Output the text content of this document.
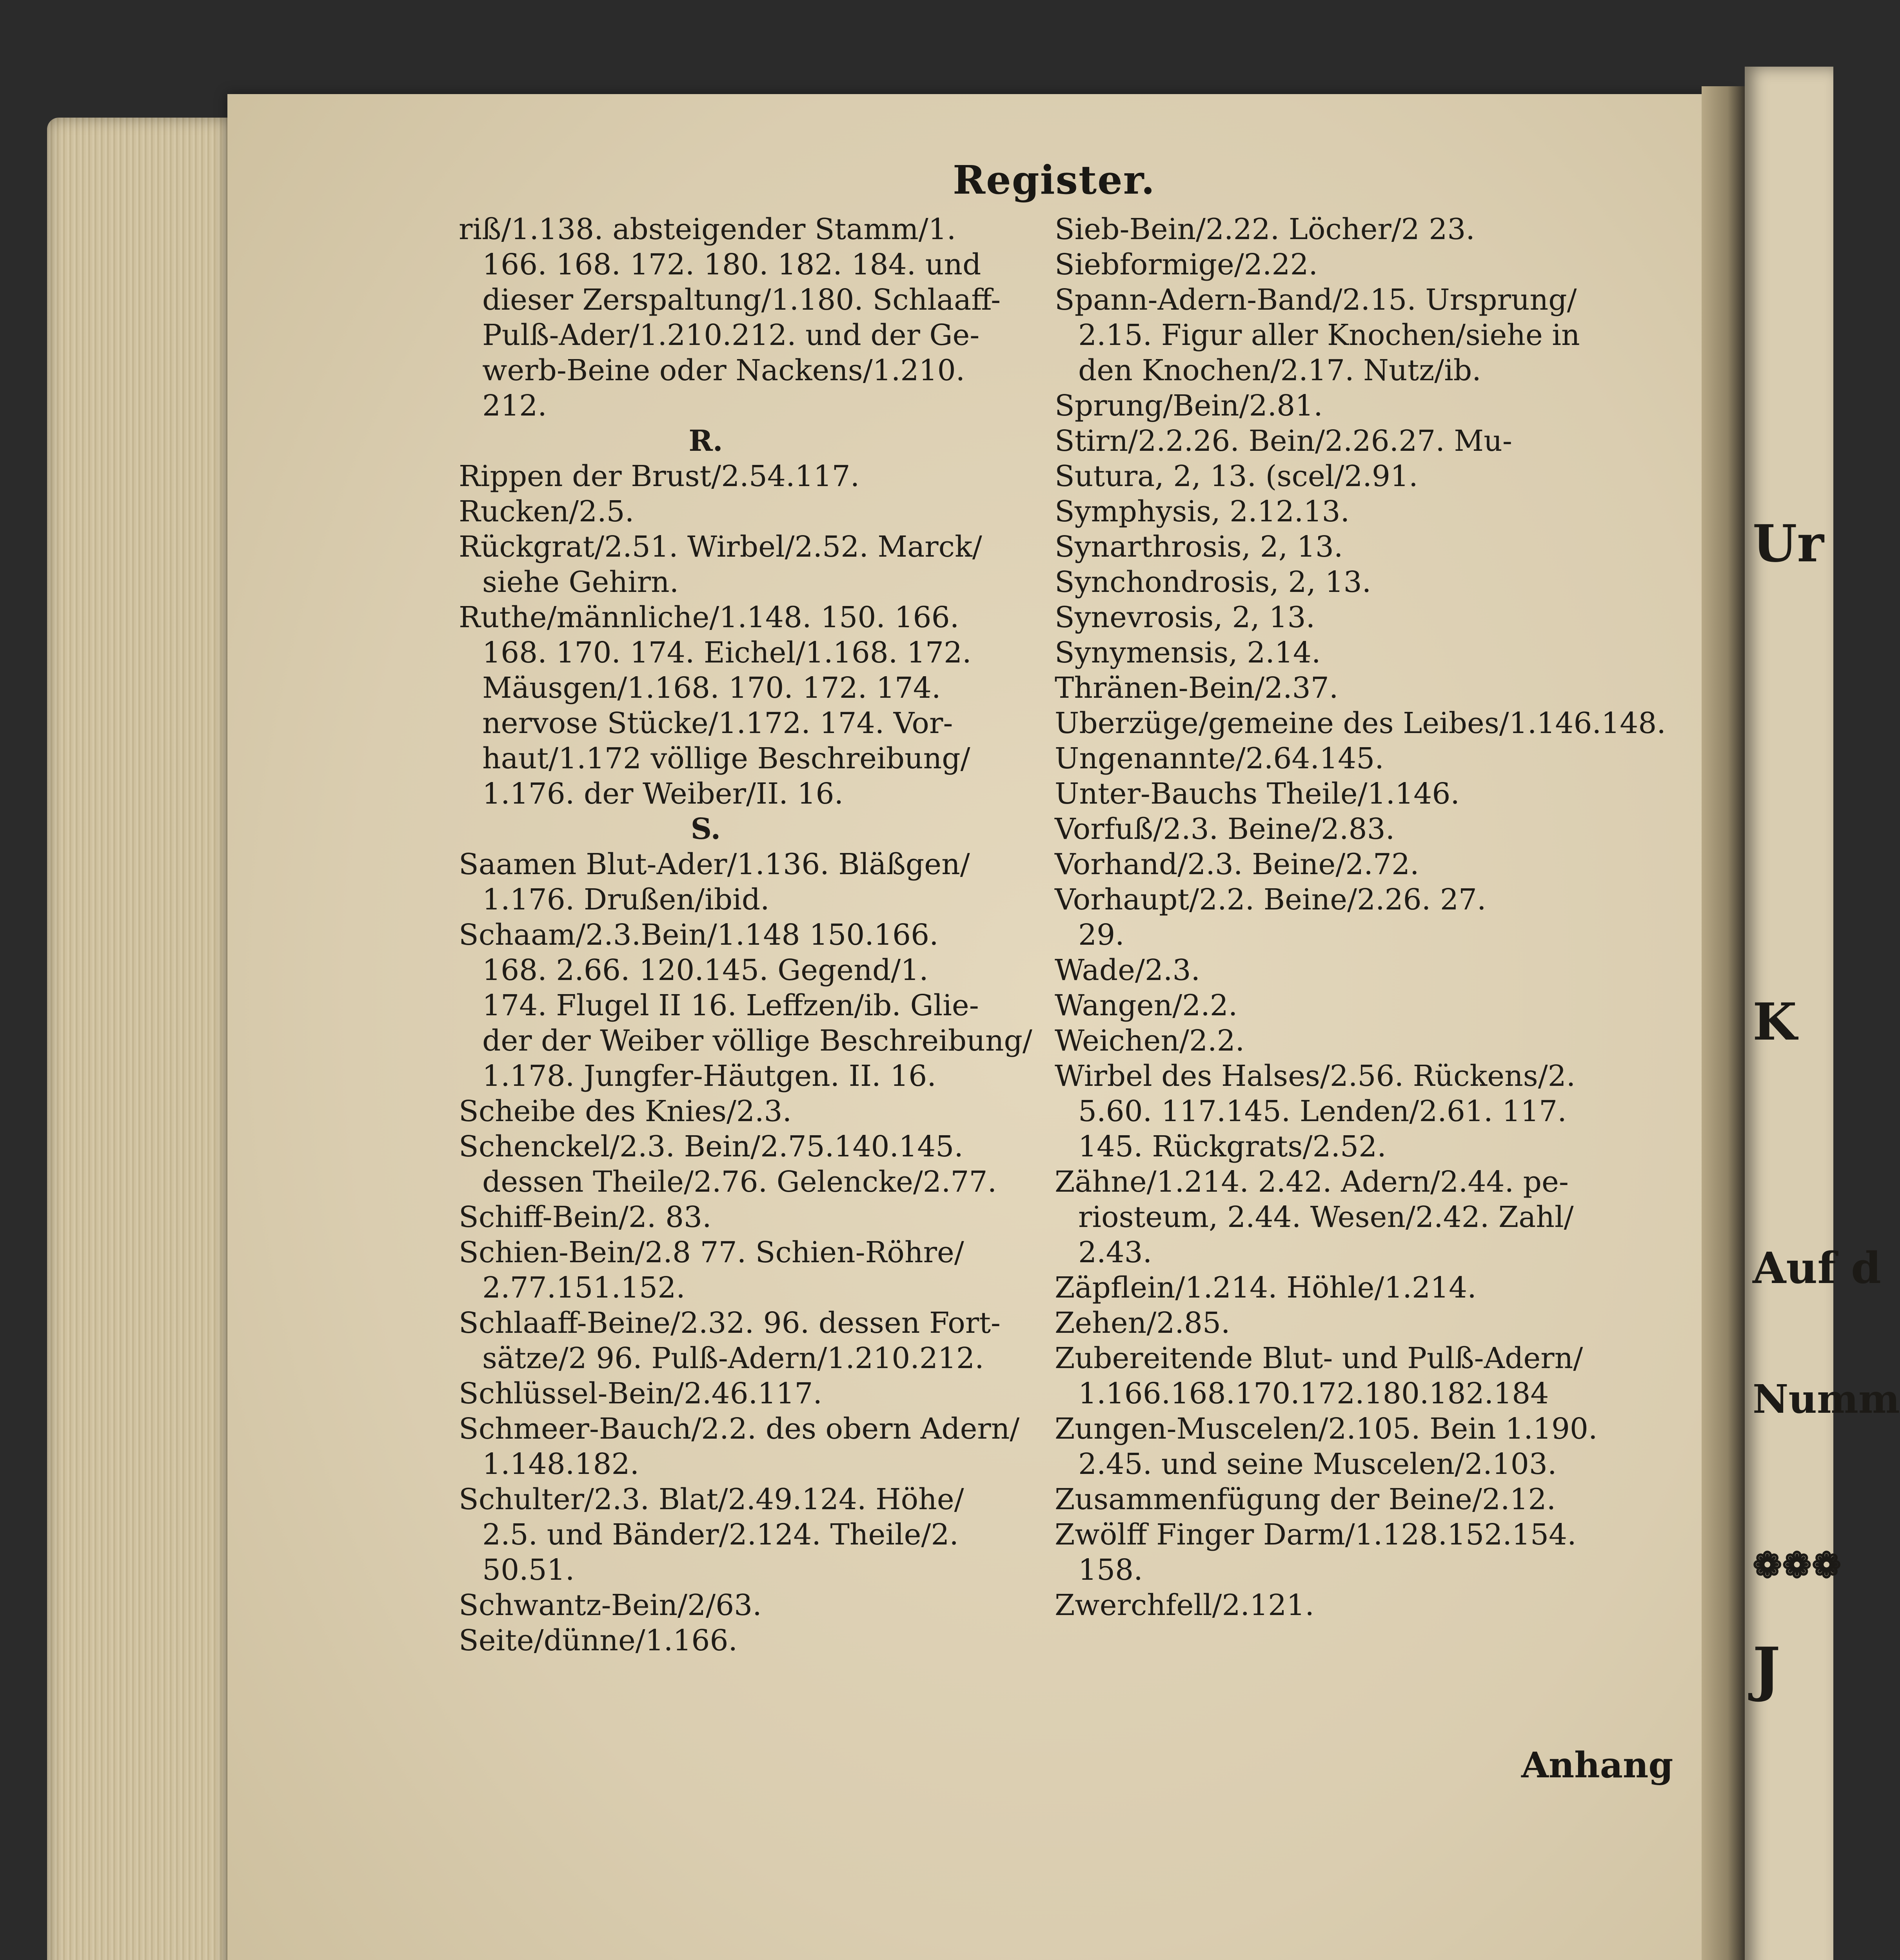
Ur
K
Auf d
Numm
❁❁❁
J
Register.
riß/1.138. absteigender Stamm/1.
166. 168. 172. 180. 182. 184. und
dieser Zerspaltung/1.180. Schlaaff-
Pulß-Ader/1.210.212. und der Ge-
werb-Beine oder Nackens/1.210.
212.
R.
Rippen der Brust/2.54.117.
Rucken/2.5.
Rückgrat/2.51. Wirbel/2.52. Marck/
siehe Gehirn.
Ruthe/männliche/1.148. 150. 166.
168. 170. 174. Eichel/1.168. 172.
Mäusgen/1.168. 170. 172. 174.
nervose Stücke/1.172. 174. Vor-
haut/1.172 völlige Beschreibung/
1.176. der Weiber/II. 16.
S.
Saamen Blut-Ader/1.136. Bläßgen/
1.176. Drußen/ibid.
Schaam/2.3.Bein/1.148 150.166.
168. 2.66. 120.145. Gegend/1.
174. Flugel II 16. Leffzen/ib. Glie-
der der Weiber völlige Beschreibung/
1.178. Jungfer-Häutgen. II. 16.
Scheibe des Knies/2.3.
Schenckel/2.3. Bein/2.75.140.145.
dessen Theile/2.76. Gelencke/2.77.
Schiff-Bein/2. 83.
Schien-Bein/2.8 77. Schien-Röhre/
2.77.151.152.
Schlaaff-Beine/2.32. 96. dessen Fort-
sätze/2 96. Pulß-Adern/1.210.212.
Schlüssel-Bein/2.46.117.
Schmeer-Bauch/2.2. des obern Adern/
1.148.182.
Schulter/2.3. Blat/2.49.124. Höhe/
2.5. und Bänder/2.124. Theile/2.
50.51.
Schwantz-Bein/2/63.
Seite/dünne/1.166.
Sieb-Bein/2.22. Löcher/2 23.
Siebformige/2.22.
Spann-Adern-Band/2.15. Ursprung/
2.15. Figur aller Knochen/siehe in
den Knochen/2.17. Nutz/ib.
Sprung/Bein/2.81.
Stirn/2.2.26. Bein/2.26.27. Mu-
Sutura, 2, 13. (scel/2.91.
Symphysis, 2.12.13.
Synarthrosis, 2, 13.
Synchondrosis, 2, 13.
Synevrosis, 2, 13.
Synymensis, 2.14.
Thränen-Bein/2.37.
Uberzüge/gemeine des Leibes/1.146.148.
Ungenannte/2.64.145.
Unter-Bauchs Theile/1.146.
Vorfuß/2.3. Beine/2.83.
Vorhand/2.3. Beine/2.72.
Vorhaupt/2.2. Beine/2.26. 27.
29.
Wade/2.3.
Wangen/2.2.
Weichen/2.2.
Wirbel des Halses/2.56. Rückens/2.
5.60. 117.145. Lenden/2.61. 117.
145. Rückgrats/2.52.
Zähne/1.214. 2.42. Adern/2.44. pe-
riosteum, 2.44. Wesen/2.42. Zahl/
2.43.
Zäpflein/1.214. Höhle/1.214.
Zehen/2.85.
Zubereitende Blut- und Pulß-Adern/
1.166.168.170.172.180.182.184
Zungen-Muscelen/2.105. Bein 1.190.
2.45. und seine Muscelen/2.103.
Zusammenfügung der Beine/2.12.
Zwölff Finger Darm/1.128.152.154.
158.
Zwerchfell/2.121.
Anhang
